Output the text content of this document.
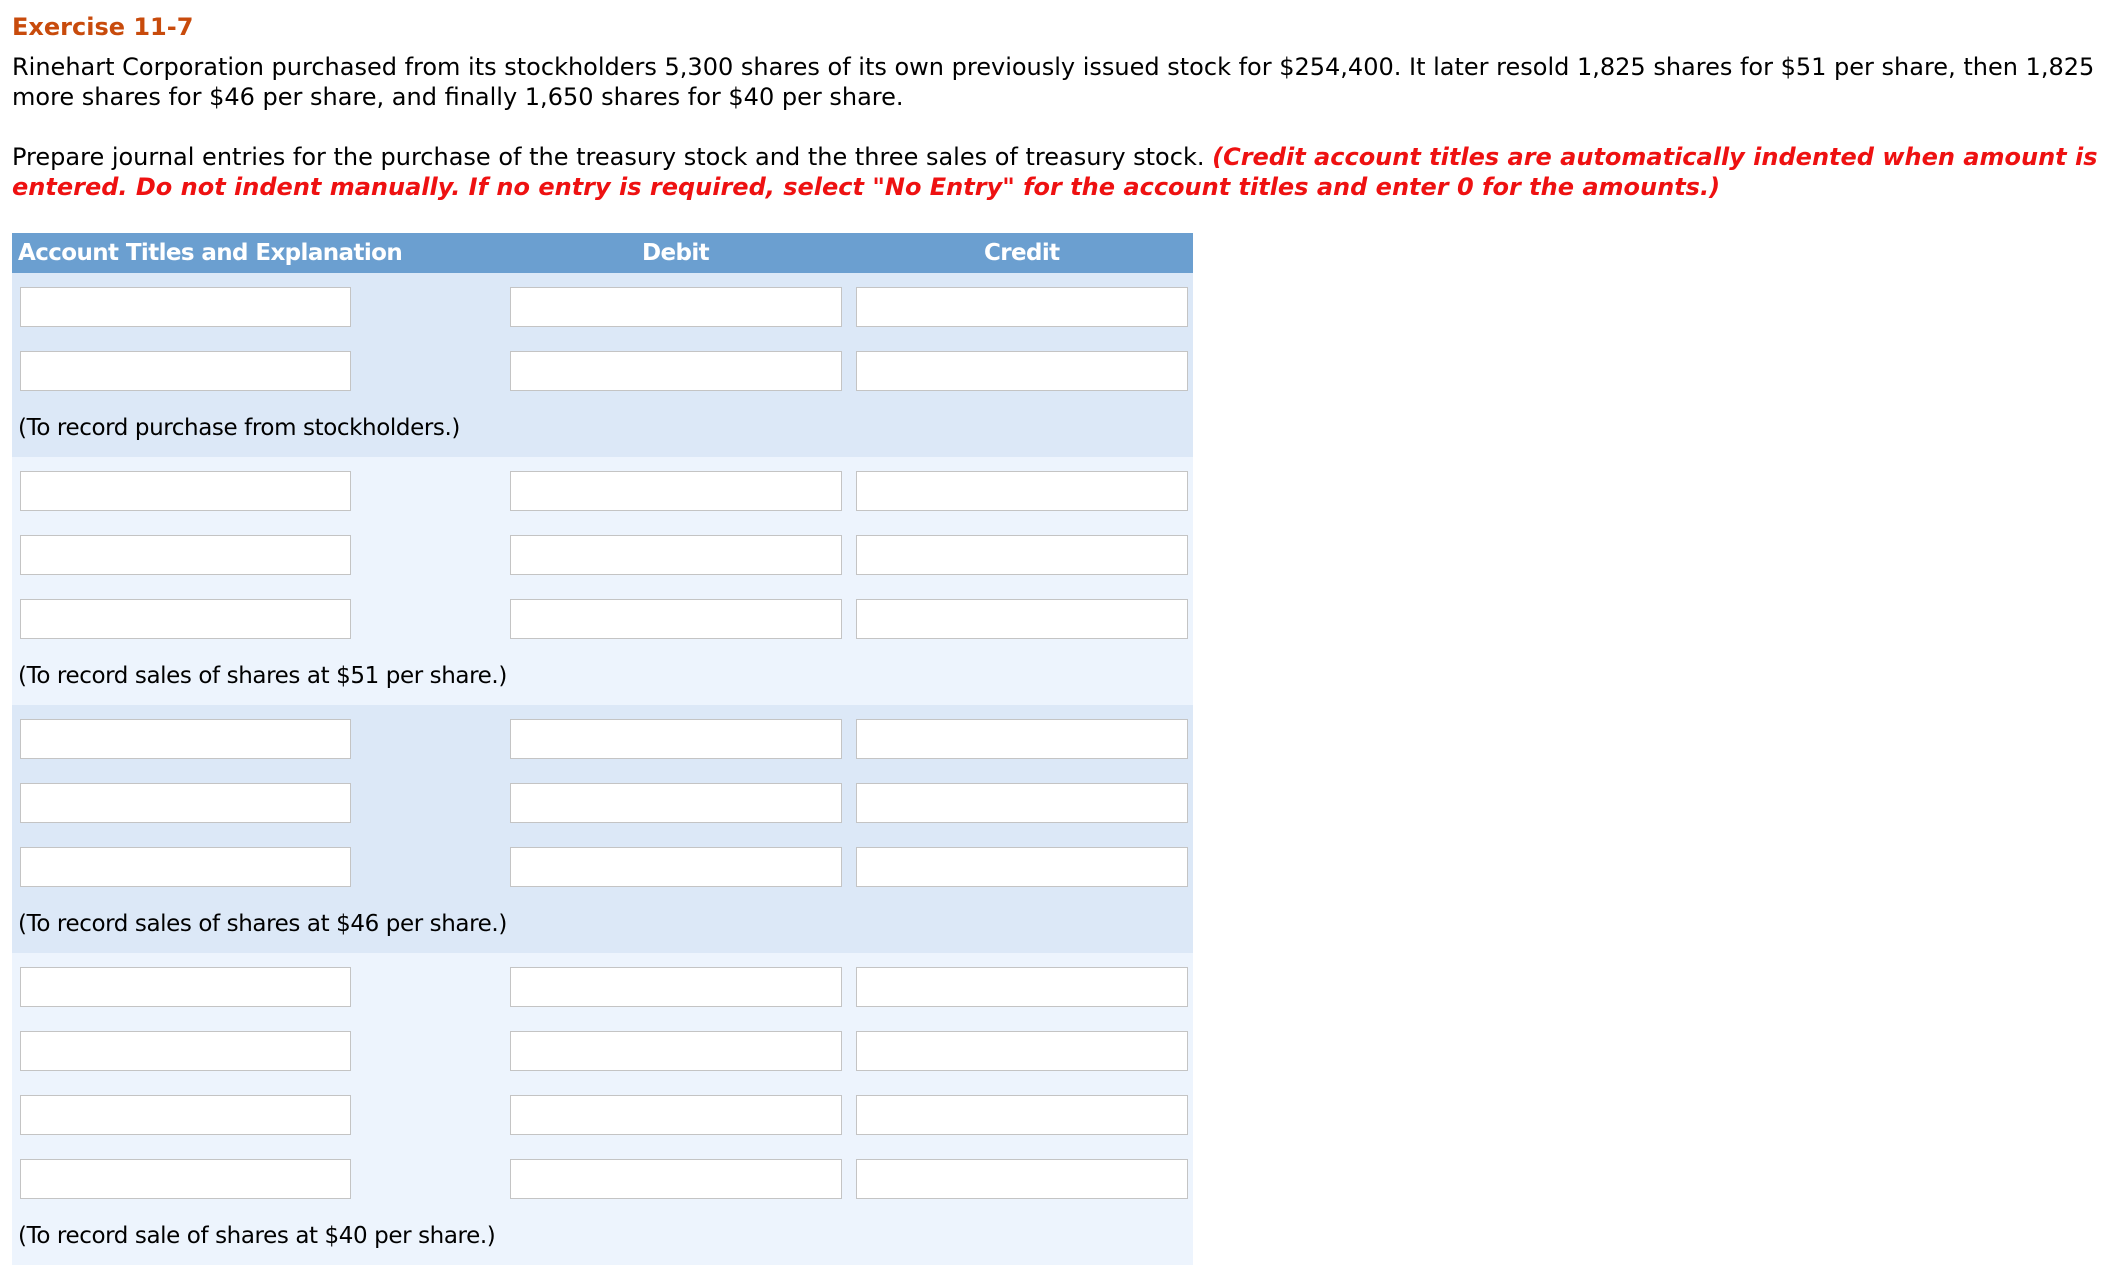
Exercise 11-7
Rinehart Corporation purchased from its stockholders 5,300 shares of its own previously issued stock for $254,400. It later resold 1,825 shares for $51 per share, then 1,825 more shares for $46 per share, and finally 1,650 shares for $40 per share.
Prepare journal entries for the purchase of the treasury stock and the three sales of treasury stock. (Credit account titles are automatically indented when amount is entered. Do not indent manually. If no entry is required, select "No Entry" for the account titles and enter 0 for the amounts.)
Account Titles and Explanation	Debit	Credit
(To record purchase from stockholders.)
(To record sales of shares at $51 per share.)
(To record sales of shares at $46 per share.)
(To record sale of shares at $40 per share.)
